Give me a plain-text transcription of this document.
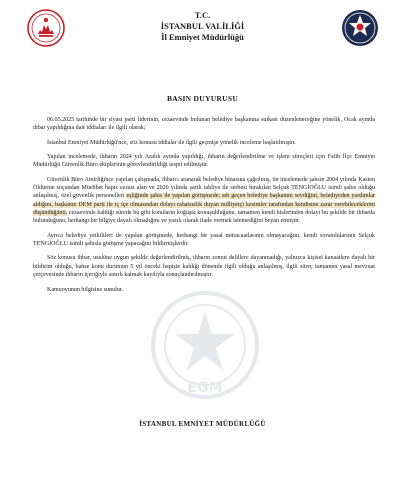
T.C.
İSTANBUL VALİLİĞİ
İl Emniyet Müdürlüğü
BASIN DUYURUSU
EGM

06.05.2025 tarihinde bir siyasi parti liderinin, cezaevinde bulunan belediye başkanına suikast düzenleneceğine yönelik, Ocak ayında ihbar yapıldığına dair iddiaları ile ilgili olarak;

İstanbul Emniyet Müdürlüğü'nce, söz konusu iddialar ile ilgili geçmişe yönelik inceleme başlatılmıştır.

Yapılan incelemede, ihbarın 2024 yılı Aralık ayında yapıldığı, ihbarın değerlendirilme ve işlem süreçleri için Fatih İlçe Emniyet Müdürlüğü Güvenlik Büro ekiplerinin görevlendirildiği tespit edilmiştir.

Güvenlik Büro Amirliğince yapılan çalışmada, ihbarcı aranarak belediye binasına çağrılmış, ön incelemede şahsın 2004 yılında Kasten Öldürme suçundan Müebbet hapis cezası alan ve 2020 yılında şartlı tahliye ile serbest bırakılan Selçuk TENGİOĞLU isimli şahıs olduğu anlaşılmış, özel güvenlik personelleri eşliğinde şahıs ile yapılan görüşmede; adı geçen belediye başkanını sevdiğini, belediyeden yardımlar aldığını, başkanın DEM parti ile iç içe olmasından dolayı rahatsızlık duyan milliyetçi kesimler tarafından kendisine zarar verebileceklerini düşündüğünü, cezaevinde kaldığı sürede bu gibi konuların koğuşta konuşulduğunu, tamamen kendi hislerinden dolayı bu şekilde bir ihbarda bulunduğunu, herhangi bir bilgiye dayalı olmadığını ve yazılı olarak ifade vermek istemediğini beyan etmiştir.

Ayrıca belediye yetkilileri ile yapılan görüşmede, herhangi bir yasal müracaatlarının olmayacağını, kendi sorumlularının Selçuk TENGİOĞLU isimli şahısla görüşme yapacağını bildirmişlerdir.

Söz konusu ihbar, usulüne uygun şekilde değerlendirilmiş, ihbarın somut delillere dayanmadığı, yalnızca kişisel kanaatlere dayalı bir bildirim olduğu, bahse konu durumun 5 yıl önceki hapiste kaldığı dönemle ilgili olduğu anlaşılmış, ilgili süreç tamamen yasal mevzuat çerçevesinde ihbarın içeriğiyle sınırlı kalmak kaydıyla sonuçlandırılmıştır.

Kamuoyunun bilgisine sunulur.

İSTANBUL EMNİYET MÜDÜRLÜĞÜ
